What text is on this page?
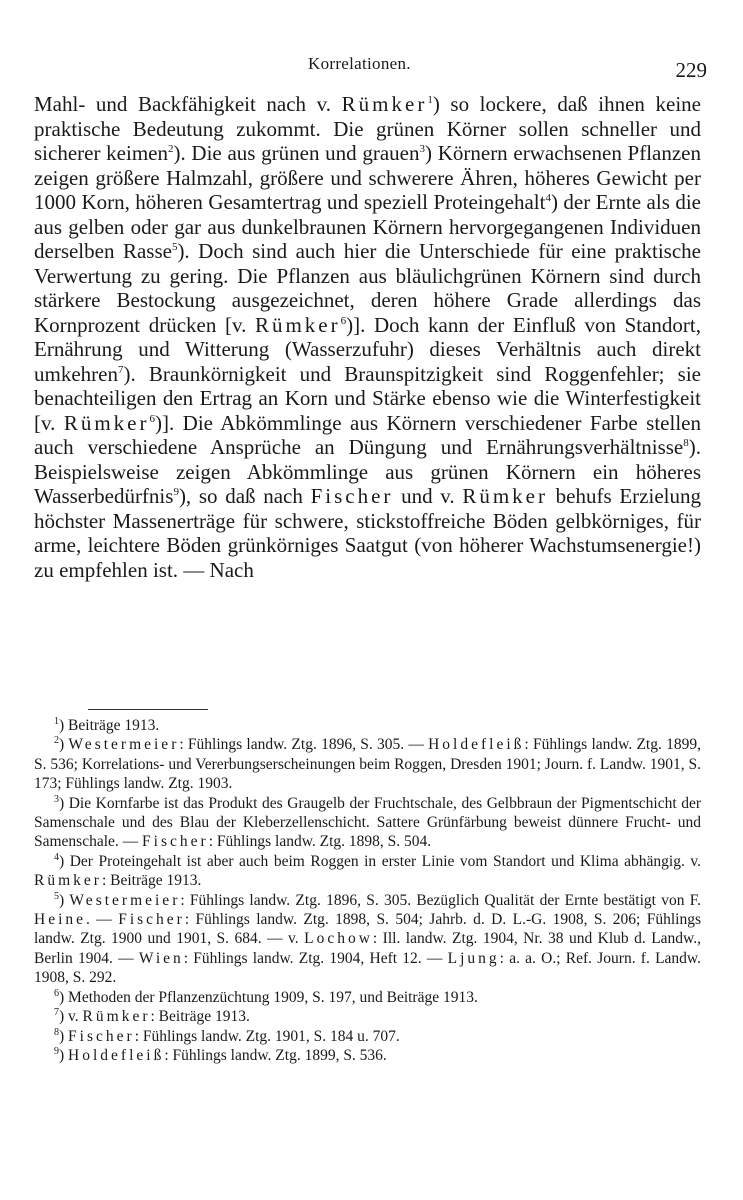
Korrelationen.	229

Mahl- und Backfähigkeit nach v. Rümker$^1$) so lockere, daß ihnen keine praktische Bedeutung zukommt. Die grünen Körner sollen schneller und sicherer keimen$^2$). Die aus grünen und grauen$^3$) Körnern erwachsenen Pflanzen zeigen größere Halmzahl, größere und schwerere Ähren, höheres Gewicht per 1000 Korn, höheren Gesamtertrag und speziell Proteingehalt$^4$) der Ernte als die aus gelben oder gar aus dunkelbraunen Körnern hervorgegangenen Individuen derselben Rasse$^5$). Doch sind auch hier die Unterschiede für eine praktische Verwertung zu gering. Die Pflanzen aus bläulichgrünen Körnern sind durch stärkere Bestockung ausgezeichnet, deren höhere Grade allerdings das Kornprozent drücken [v. Rümker$^6$)]. Doch kann der Einfluß von Standort, Ernährung und Witterung (Wasserzufuhr) dieses Verhältnis auch direkt umkehren$^7$). Braunkörnigkeit und Braunspitzigkeit sind Roggenfehler; sie benachteiligen den Ertrag an Korn und Stärke ebenso wie die Winterfestigkeit [v. Rümker$^6$)]. Die Abkömmlinge aus Körnern verschiedener Farbe stellen auch verschiedene Ansprüche an Düngung und Ernährungsverhältnisse$^8$). Beispielsweise zeigen Abkömmlinge aus grünen Körnern ein höheres Wasserbedürfnis$^9$), so daß nach Fischer und v. Rümker behufs Erzielung höchster Massenerträge für schwere, stickstoffreiche Böden gelbkörniges, für arme, leichtere Böden grünkörniges Saatgut (von höherer Wachstumsenergie!) zu empfehlen ist. — Nach

$^1$) Beiträge 1913.

$^2$) Westermeier: Fühlings landw. Ztg. 1896, S. 305. — Holdefleiß: Fühlings landw. Ztg. 1899, S. 536; Korrelations- und Vererbungserscheinungen beim Roggen, Dresden 1901; Journ. f. Landw. 1901, S. 173; Fühlings landw. Ztg. 1903.

$^3$) Die Kornfarbe ist das Produkt des Graugelb der Fruchtschale, des Gelbbraun der Pigmentschicht der Samenschale und des Blau der Kleberzellenschicht. Sattere Grünfärbung beweist dünnere Frucht- und Samenschale. — Fischer: Fühlings landw. Ztg. 1898, S. 504.

$^4$) Der Proteingehalt ist aber auch beim Roggen in erster Linie vom Standort und Klima abhängig. v. Rümker: Beiträge 1913.

$^5$) Westermeier: Fühlings landw. Ztg. 1896, S. 305. Bezüglich Qualität der Ernte bestätigt von F. Heine. — Fischer: Fühlings landw. Ztg. 1898, S. 504; Jahrb. d. D. L.-G. 1908, S. 206; Fühlings landw. Ztg. 1900 und 1901, S. 684. — v. Lochow: Ill. landw. Ztg. 1904, Nr. 38 und Klub d. Landw., Berlin 1904. — Wien: Fühlings landw. Ztg. 1904, Heft 12. — Ljung: a. a. O.; Ref. Journ. f. Landw. 1908, S. 292.

$^6$) Methoden der Pflanzenzüchtung 1909, S. 197, und Beiträge 1913.

$^7$) v. Rümker: Beiträge 1913.

$^8$) Fischer: Fühlings landw. Ztg. 1901, S. 184 u. 707.

$^9$) Holdefleiß: Fühlings landw. Ztg. 1899, S. 536.
